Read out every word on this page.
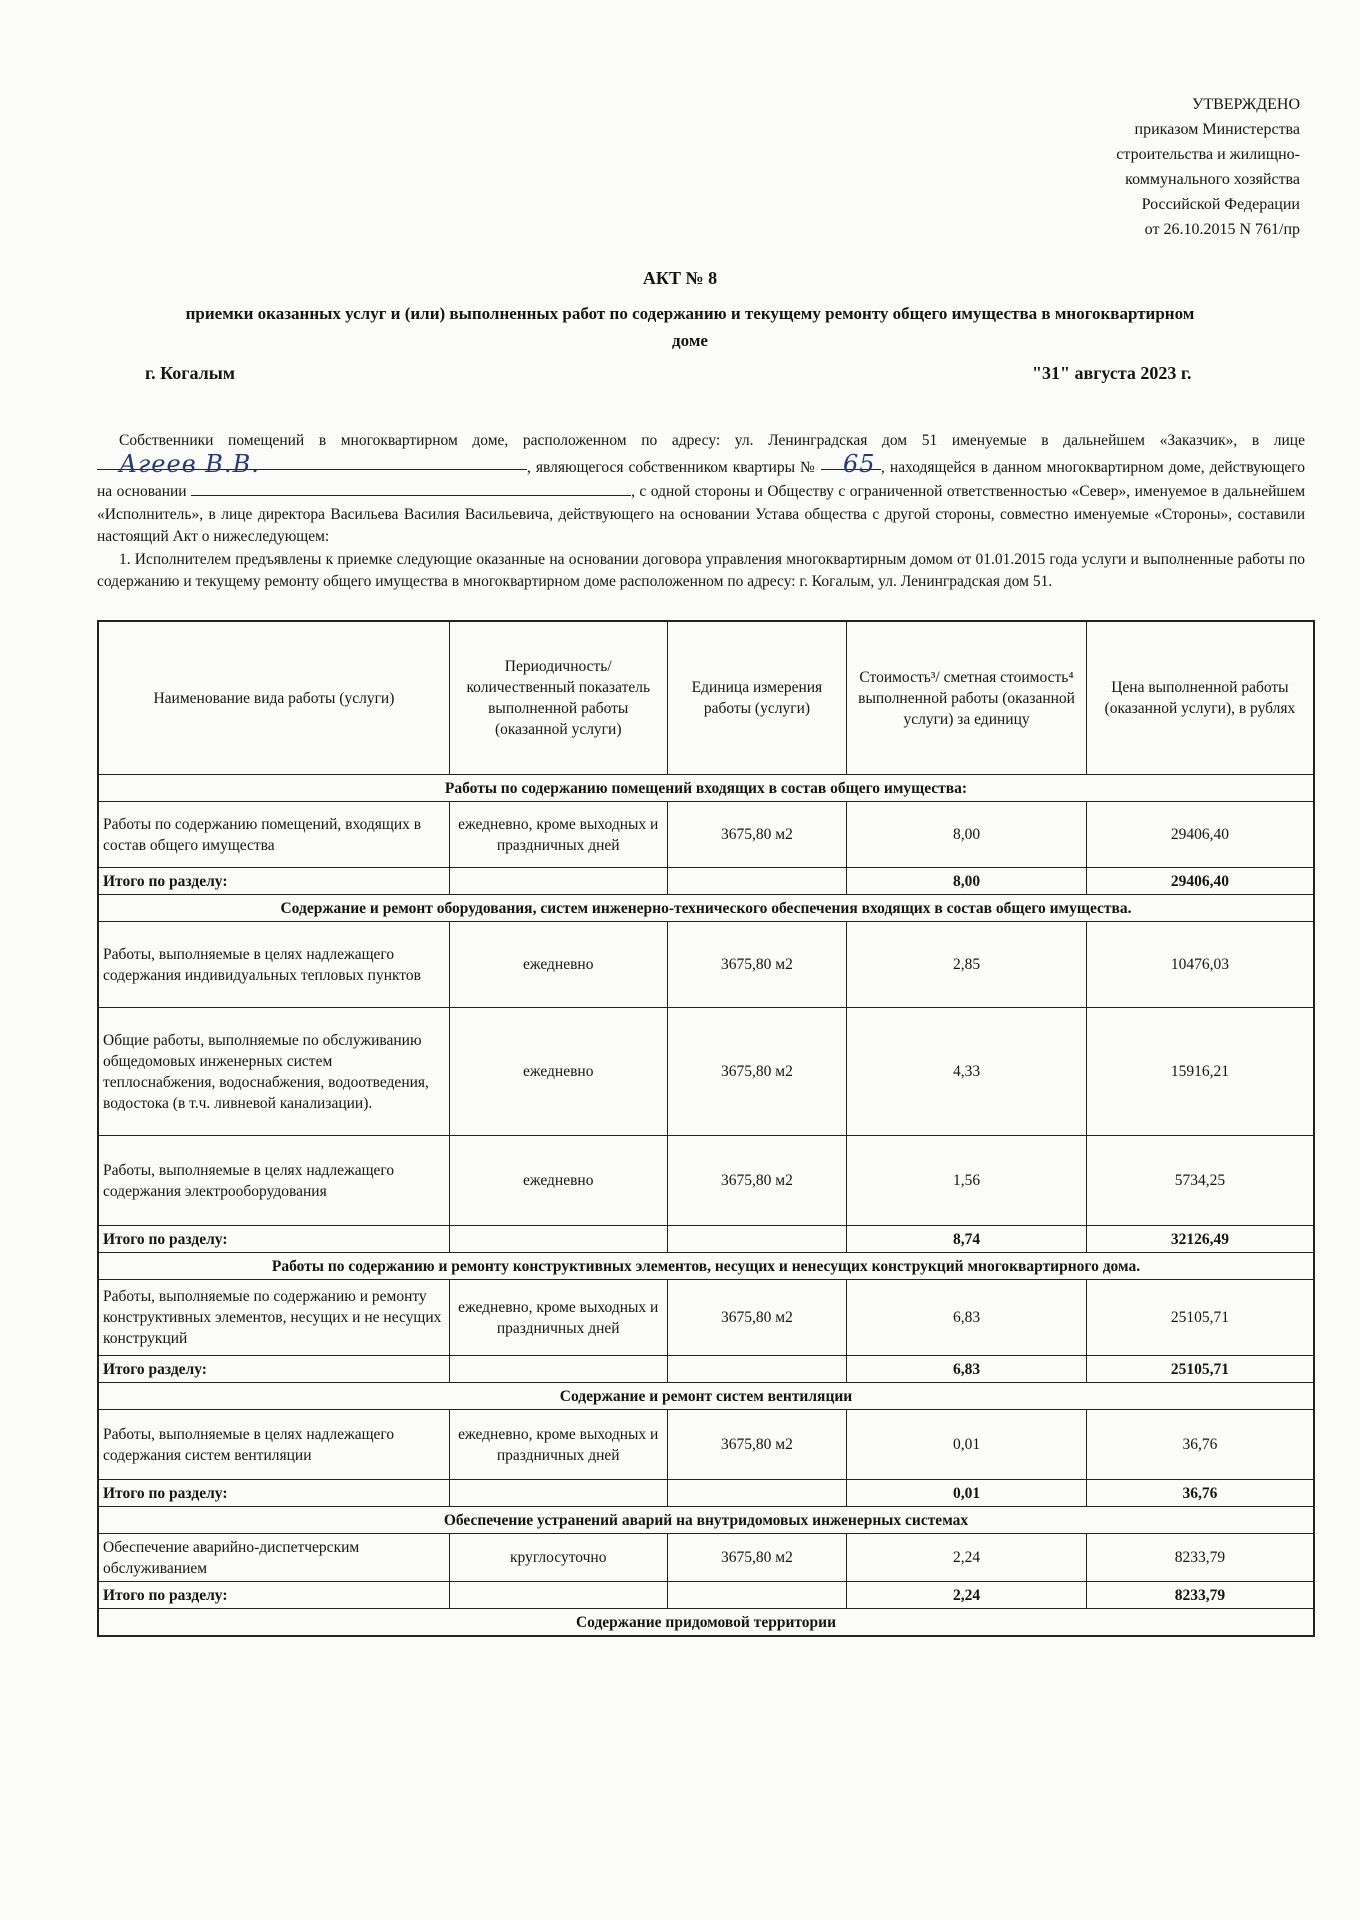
УТВЕРЖДЕНО
приказом Министерства
строительства и жилищно-
коммунального хозяйства
Российской Федерации
от 26.10.2015 N 761/пр
АКТ № 8
приемки оказанных услуг и (или) выполненных работ по содержанию и текущему ремонту общего имущества в многоквартирном доме
г. Когалым	"31" августа 2023 г.

Собственники помещений в многоквартирном доме, расположенном по адресу: ул. Ленинградская дом 51 именуемые в дальнейшем «Заказчик», в лице Агеев В.В.	, являющегося собственником квартиры № 65 , находящейся в данном многоквартирном доме, действующего на основании	, с одной стороны и Обществу с ограниченной ответственностью «Север», именуемое в дальнейшем «Исполнитель», в лице директора Васильева Василия Васильевича, действующего на основании Устава общества с другой стороны, совместно именуемые «Стороны», составили настоящий Акт о нижеследующем:

1. Исполнителем предъявлены к приемке следующие оказанные на основании договора управления многоквартирным домом от 01.01.2015 года услуги и выполненные работы по содержанию и текущему ремонту общего имущества в многоквартирном доме расположенном по адресу: г. Когалым, ул. Ленинградская дом 51.

Наименование вида работы (услуги)	Периодичность/ количественный показатель выполненной работы (оказанной услуги)	Единица измерения работы (услуги)	Стоимость³/ сметная стоимость⁴ выполненной работы (оказанной услуги) за единицу	Цена выполненной работы (оказанной услуги), в рублях
Работы по содержанию помещений входящих в состав общего имущества:				
Работы по содержанию помещений, входящих в состав общего имущества	ежедневно, кроме выходных и праздничных дней	3675,80 м2	8,00	29406,40
Итого по разделу:			8,00	29406,40
Содержание и ремонт оборудования, систем инженерно-технического обеспечения входящих в состав общего имущества.				
Работы, выполняемые в целях надлежащего содержания индивидуальных тепловых пунктов	ежедневно	3675,80 м2	2,85	10476,03
Общие работы, выполняемые по обслуживанию общедомовых инженерных систем теплоснабжения, водоснабжения, водоотведения, водостока (в т.ч. ливневой канализации).	ежедневно	3675,80 м2	4,33	15916,21
Работы, выполняемые в целях надлежащего содержания электрооборудования	ежедневно	3675,80 м2	1,56	5734,25
Итого по разделу:			8,74	32126,49
Работы по содержанию и ремонту конструктивных элементов, несущих и ненесущих конструкций многоквартирного дома.				
Работы, выполняемые по содержанию и ремонту конструктивных элементов, несущих и не несущих конструкций	ежедневно, кроме выходных и праздничных дней	3675,80 м2	6,83	25105,71
Итого разделу:			6,83	25105,71
Содержание и ремонт систем вентиляции				
Работы, выполняемые в целях надлежащего содержания систем вентиляции	ежедневно, кроме выходных и праздничных дней	3675,80 м2	0,01	36,76
Итого по разделу:			0,01	36,76
Обеспечение устранений аварий на внутридомовых инженерных системах				
Обеспечение аварийно-диспетчерским обслуживанием	круглосуточно	3675,80 м2	2,24	8233,79
Итого по разделу:			2,24	8233,79
Содержание придомовой территории				
